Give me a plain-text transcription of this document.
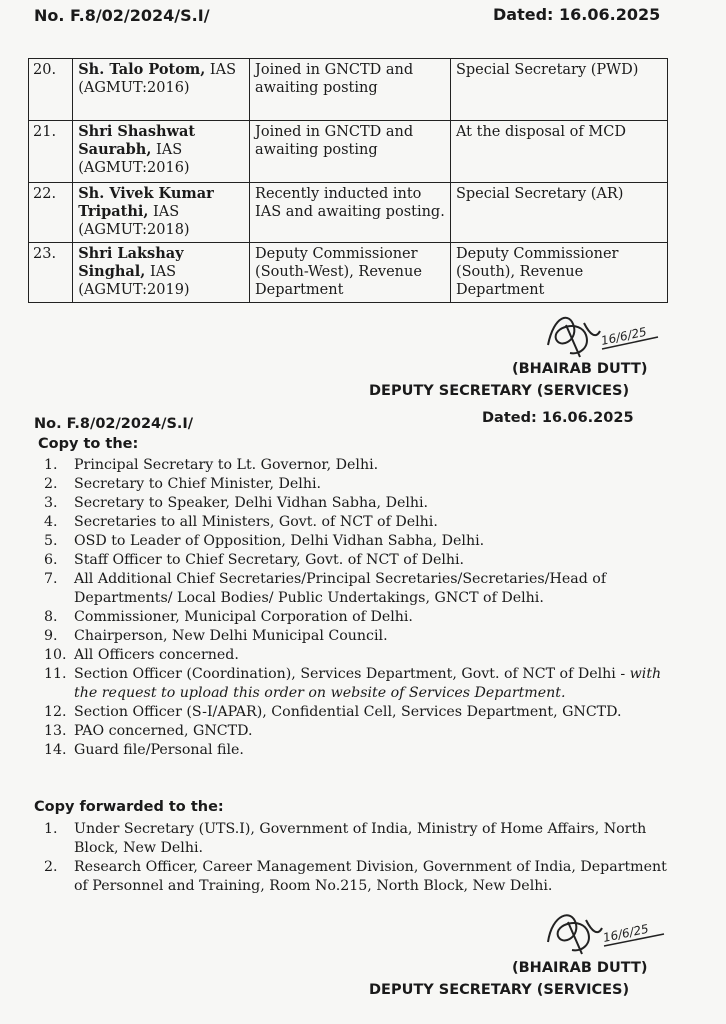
No. F.8/02/2024/S.I/	Dated: 16.06.2025
20.	Sh. Talo Potom, IAS (AGMUT:2016)	Joined in GNCTD and awaiting posting	Special Secretary (PWD)
21.	Shri Shashwat Saurabh, IAS (AGMUT:2016)	Joined in GNCTD and awaiting posting	At the disposal of MCD
22.	Sh. Vivek Kumar Tripathi, IAS (AGMUT:2018)	Recently inducted into IAS and awaiting posting.	Special Secretary (AR)
23.	Shri Lakshay Singhal, IAS (AGMUT:2019)	Deputy Commissioner (South-West), Revenue Department	Deputy Commissioner (South), Revenue Department
16/6/25
(BHAIRAB DUTT)
DEPUTY SECRETARY (SERVICES)
No. F.8/02/2024/S.I/	Dated: 16.06.2025
Copy to the:
1.	Principal Secretary to Lt. Governor, Delhi.
2.	Secretary to Chief Minister, Delhi.
3.	Secretary to Speaker, Delhi Vidhan Sabha, Delhi.
4.	Secretaries to all Ministers, Govt. of NCT of Delhi.
5.	OSD to Leader of Opposition, Delhi Vidhan Sabha, Delhi.
6.	Staff Officer to Chief Secretary, Govt. of NCT of Delhi.
7.	All Additional Chief Secretaries/Principal Secretaries/Secretaries/Head of Departments/ Local Bodies/ Public Undertakings, GNCT of Delhi.
8.	Commissioner, Municipal Corporation of Delhi.
9.	Chairperson, New Delhi Municipal Council.
10. All Officers concerned.
11. Section Officer (Coordination), Services Department, Govt. of NCT of Delhi - with the request to upload this order on website of Services Department.
12. Section Officer (S-I/APAR), Confidential Cell, Services Department, GNCTD.
13. PAO concerned, GNCTD.
14. Guard file/Personal file.
Copy forwarded to the:
1.	Under Secretary (UTS.I), Government of India, Ministry of Home Affairs, North Block, New Delhi.
2.	Research Officer, Career Management Division, Government of India, Department of Personnel and Training, Room No.215, North Block, New Delhi.
16/6/25
(BHAIRAB DUTT)
DEPUTY SECRETARY (SERVICES)
